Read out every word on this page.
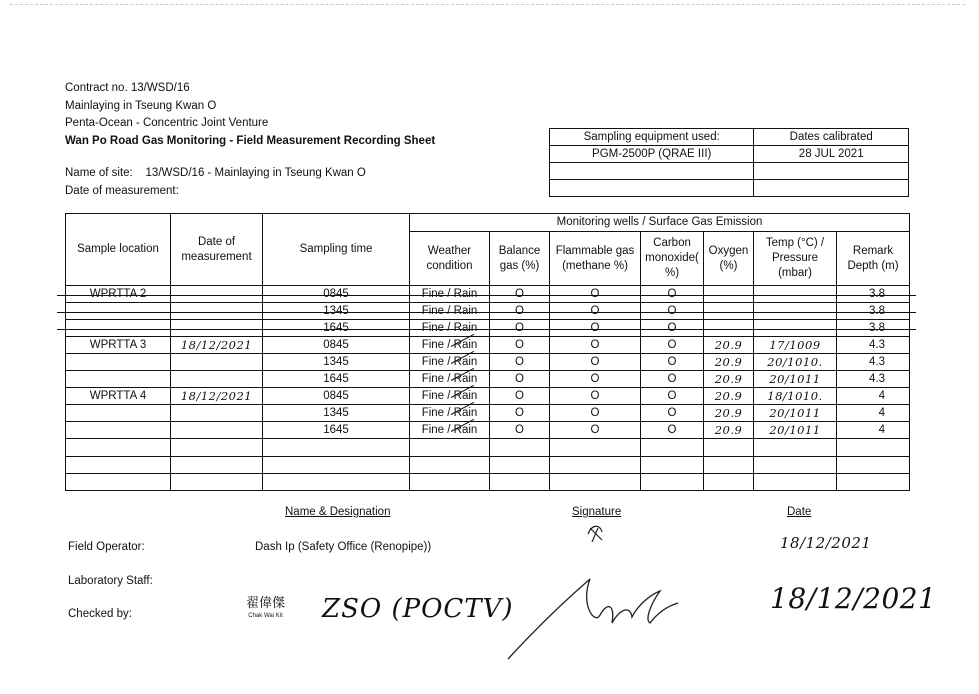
Contract no. 13/WSD/16
Mainlaying in Tseung Kwan O
Penta-Ocean - Concentric Joint Venture
Wan Po Road Gas Monitoring - Field Measurement Recording Sheet
Name of site: 13/WSD/16 - Mainlaying in Tseung Kwan O
Date of measurement:
Sampling equipment used:	Dates calibrated
PGM-2500P (QRAE III)	28 JUL 2021

Sample location	Date of measurement	Sampling time	Monitoring wells / Surface Gas Emission						
			Weather condition	Balance gas (%)	Flammable gas (methane %)	Carbon monoxide( %)	Oxygen (%)	Temp (°C) / Pressure (mbar)	Remark Depth (m)
WPRTTA 2		0845	Fine / Rain	O	O	O			3.8
		1345	Fine / Rain	O	O	O			3.8
		1645	Fine / Rain	O	O	O			3.8
WPRTTA 3	18/12/2021	0845	Fine / Rain	O	O	O	20.9	17/1009	4.3
		1345	Fine / Rain	O	O	O	20.9	20/1010.	4.3
		1645	Fine / Rain	O	O	O	20.9	20/1011	4.3
WPRTTA 4	18/12/2021	0845	Fine / Rain	O	O	O	20.9	18/1010.	4
		1345	Fine / Rain	O	O	O	20.9	20/1011	4
		1645	Fine / Rain	O	O	O	20.9	20/1011	4

Name & Designation	Signature	Date
Field Operator:	Dash Ip (Safety Office (Renopipe))	18/12/2021
Laboratory Staff:
Checked by:
翟偉傑
Chak Wai Kit ZSO (POCTV)	18/12/2021
